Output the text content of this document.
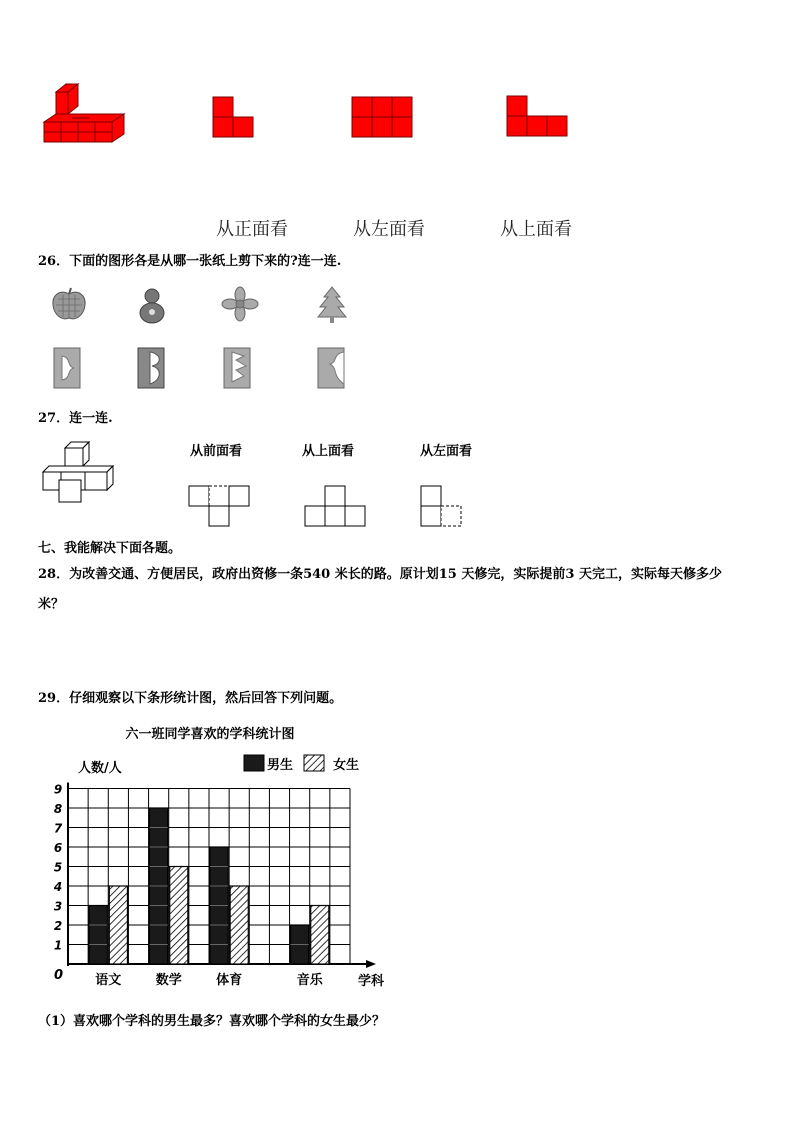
从正面看	从左面看	从上面看
26．下面的图形各是从哪一张纸上剪下来的?连一连.
27．连一连.
从前面看	从上面看	从左面看
七、我能解决下面各题。
28．为改善交通、方便居民，政府出资修一条540 米长的路。原计划15 天修完，实际提前3 天完工，实际每天修多少
米？
29．仔细观察以下条形统计图，然后回答下列问题。
六一班同学喜欢的学科统计图
人数/人
学科
0
男生	女生
1
2
3
4
5
6
7
8
9
语文	数学	体育	音乐
（1）喜欢哪个学科的男生最多？喜欢哪个学科的女生最少？
